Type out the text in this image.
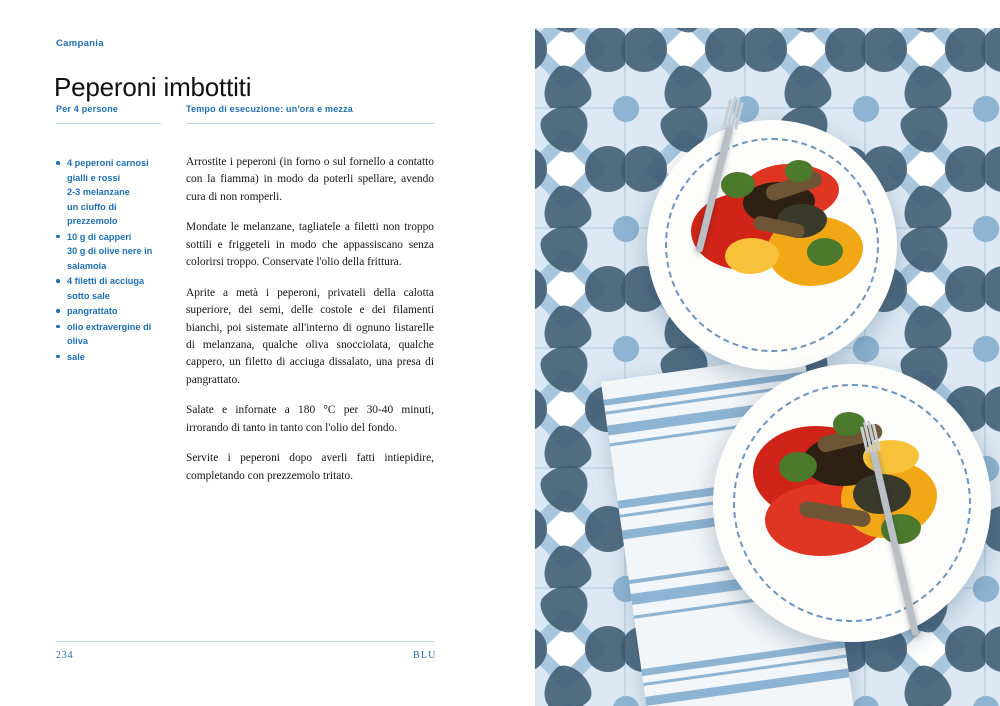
Campania
Peperoni imbottiti
Per 4 persone
4 peperoni carnosi gialli e rossi
2-3 melanzane
un ciuffo di prezzemolo
10 g di capperi
30 g di olive nere in salamoia
4 filetti di acciuga sotto sale
pangrattato
olio extravergine di oliva
sale
Tempo di esecuzione: un'ora e mezza

Arrostite i peperoni (in forno o sul fornello a contatto con la fiamma) in modo da poterli spellare, avendo cura di non romperli.

Mondate le melanzane, tagliatele a filetti non troppo sottili e friggeteli in modo che appassiscano senza colorirsi troppo. Conservate l'olio della frittura.

Aprite a metà i peperoni, privateli della calotta superiore, dei semi, delle costole e dei filamenti bianchi, poi sistemate all'interno di ognuno listarelle di melanzana, qualche oliva snocciolata, qualche cappero, un filetto di acciuga dissalato, una presa di pangrattato.

Salate e infornate a 180 °C per 30-40 minuti, irrorando di tanto in tanto con l'olio del fondo.

Servite i peperoni dopo averli fatti intiepidire, completando con prezzemolo tritato.

234	BLU
